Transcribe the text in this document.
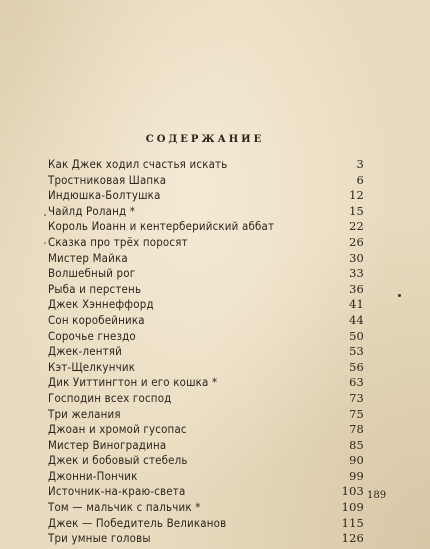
СОДЕРЖАНИЕ
Как Джек ходил счастья искать	3
Тростниковая Шапка	6
Индюшка-Болтушка	12
Чайлд Роланд *	15
Король Иоанн и кентерберийский аббат	22
Сказка про трёх поросят	26
Мистер Майка	30
Волшебный рог	33
Рыба и перстень	36
Джек Хэннеффорд	41
Сон коробейника	44
Сорочье гнездо	50
Джек-лентяй	53
Кэт-Щелкунчик	56
Дик Уиттингтон и его кошка *	63
Господин всех господ	73
Три желания	75
Джоан и хромой гусопас	78
Мистер Виноградина	85
Джек и бобовый стебель	90
Джонни-Пончик	99
Источник-на-краю-света	103
Том — мальчик с пальчик *	109
Джек — Победитель Великанов	115
Три умные головы	126
189
